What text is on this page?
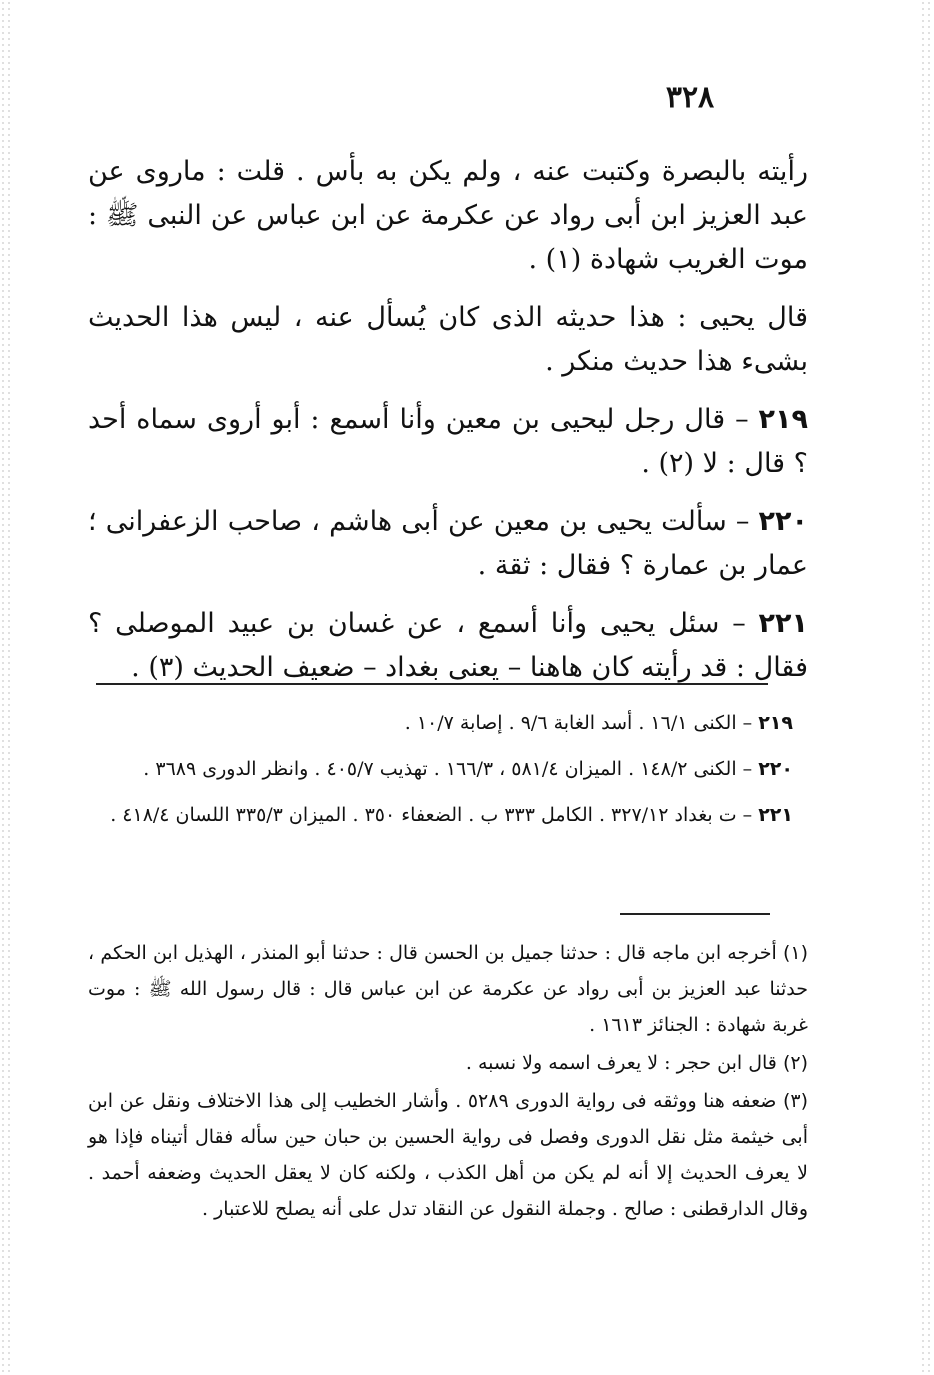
٣٢٨

رأيته بالبصرة وكتبت عنه ، ولم يكن به بأس . قلت : ماروى عن عبد العزيز ابن أبى رواد عن عكرمة عن ابن عباس عن النبى ﷺ : موت الغريب شهادة (١) .

قال يحيى : هذا حديثه الذى كان يُسأل عنه ، ليس هذا الحديث بشىء هذا حديث منكر .

٢١٩ – قال رجل ليحيى بن معين وأنا أسمع : أبو أروى سماه أحد ؟ قال : لا (٢) .

٢٢٠ – سألت يحيى بن معين عن أبى هاشم ، صاحب الزعفرانى ؛ عمار بن عمارة ؟ فقال : ثقة .

٢٢١ – سئل يحيى وأنا أسمع ، عن غسان بن عبيد الموصلى ؟ فقال : قد رأيته كان هاهنا – يعنى بغداد – ضعيف الحديث (٣) .

٢١٩ – الكنى ١٦/١ . أسد الغابة ٩/٦ . إصابة ١٠/٧ .

٢٢٠ – الكنى ١٤٨/٢ . الميزان ٥٨١/٤ ، ١٦٦/٣ . تهذيب ٤٠٥/٧ . وانظر الدورى ٣٦٨٩ .

٢٢١ – ت بغداد ٣٢٧/١٢ . الكامل ٣٣٣ ب . الضعفاء ٣٥٠ . الميزان ٣٣٥/٣ اللسان ٤١٨/٤ .

(١) أخرجه ابن ماجه قال : حدثنا جميل بن الحسن قال : حدثنا أبو المنذر ، الهذيل ابن الحكم ، حدثنا عبد العزيز بن أبى رواد عن عكرمة عن ابن عباس قال : قال رسول الله ﷺ : موت غربة شهادة : الجنائز ١٦١٣ .

(٢) قال ابن حجر : لا يعرف اسمه ولا نسبه .

(٣) ضعفه هنا ووثقه فى رواية الدورى ٥٢٨٩ . وأشار الخطيب إلى هذا الاختلاف ونقل عن ابن أبى خيثمة مثل نقل الدورى وفصل فى رواية الحسين بن حبان حين سأله فقال أتيناه فإذا هو لا يعرف الحديث إلا أنه لم يكن من أهل الكذب ، ولكنه كان لا يعقل الحديث وضعفه أحمد . وقال الدارقطنى : صالح . وجملة النقول عن النقاد تدل على أنه يصلح للاعتبار .
